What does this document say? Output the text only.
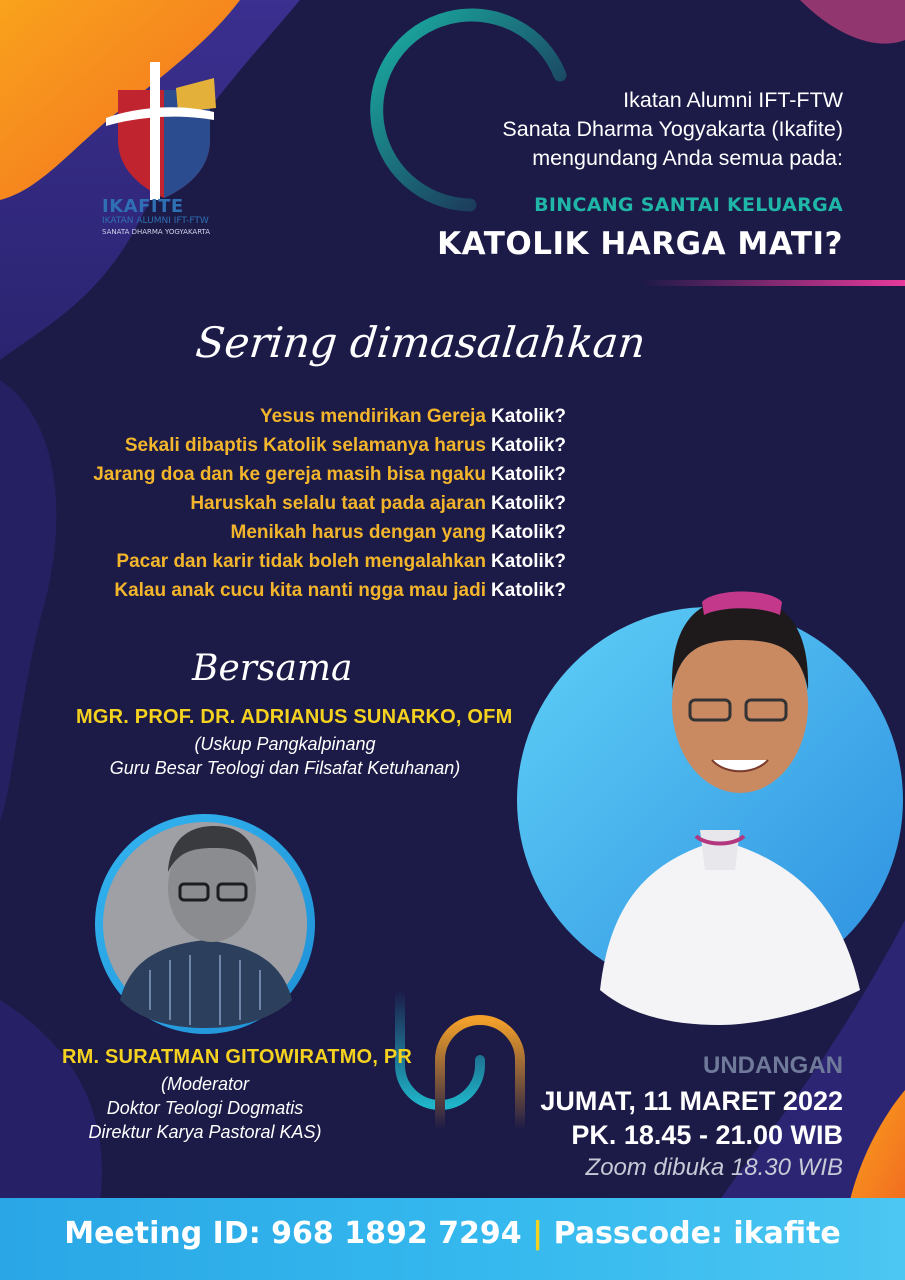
IKAFITE
IKATAN ALUMNI IFT-FTW
SANATA DHARMA YOGYAKARTA
Ikatan Alumni IFT-FTW
Sanata Dharma Yogyakarta (Ikafite)
mengundang Anda semua pada:
BINCANG SANTAI KELUARGA
KATOLIK HARGA MATI?
Sering dimasalahkan
Yesus mendirikan Gereja
Sekali dibaptis Katolik selamanya harus
Jarang doa dan ke gereja masih bisa ngaku
Haruskah selalu taat pada ajaran
Menikah harus dengan yang
Pacar dan karir tidak boleh mengalahkan
Kalau anak cucu kita nanti ngga mau jadi
Katolik?
Katolik?
Katolik?
Katolik?
Katolik?
Katolik?
Katolik?
Bersama
MGR. PROF. DR. ADRIANUS SUNARKO, OFM
(Uskup Pangkalpinang
Guru Besar Teologi dan Filsafat Ketuhanan)
RM. SURATMAN GITOWIRATMO, PR
(Moderator
Doktor Teologi Dogmatis
Direktur Karya Pastoral KAS)
UNDANGAN
JUMAT, 11 MARET 2022
PK. 18.45 - 21.00 WIB
Zoom dibuka 18.30 WIB
Meeting ID: 968 1892 7294 | Passcode: ikafite
